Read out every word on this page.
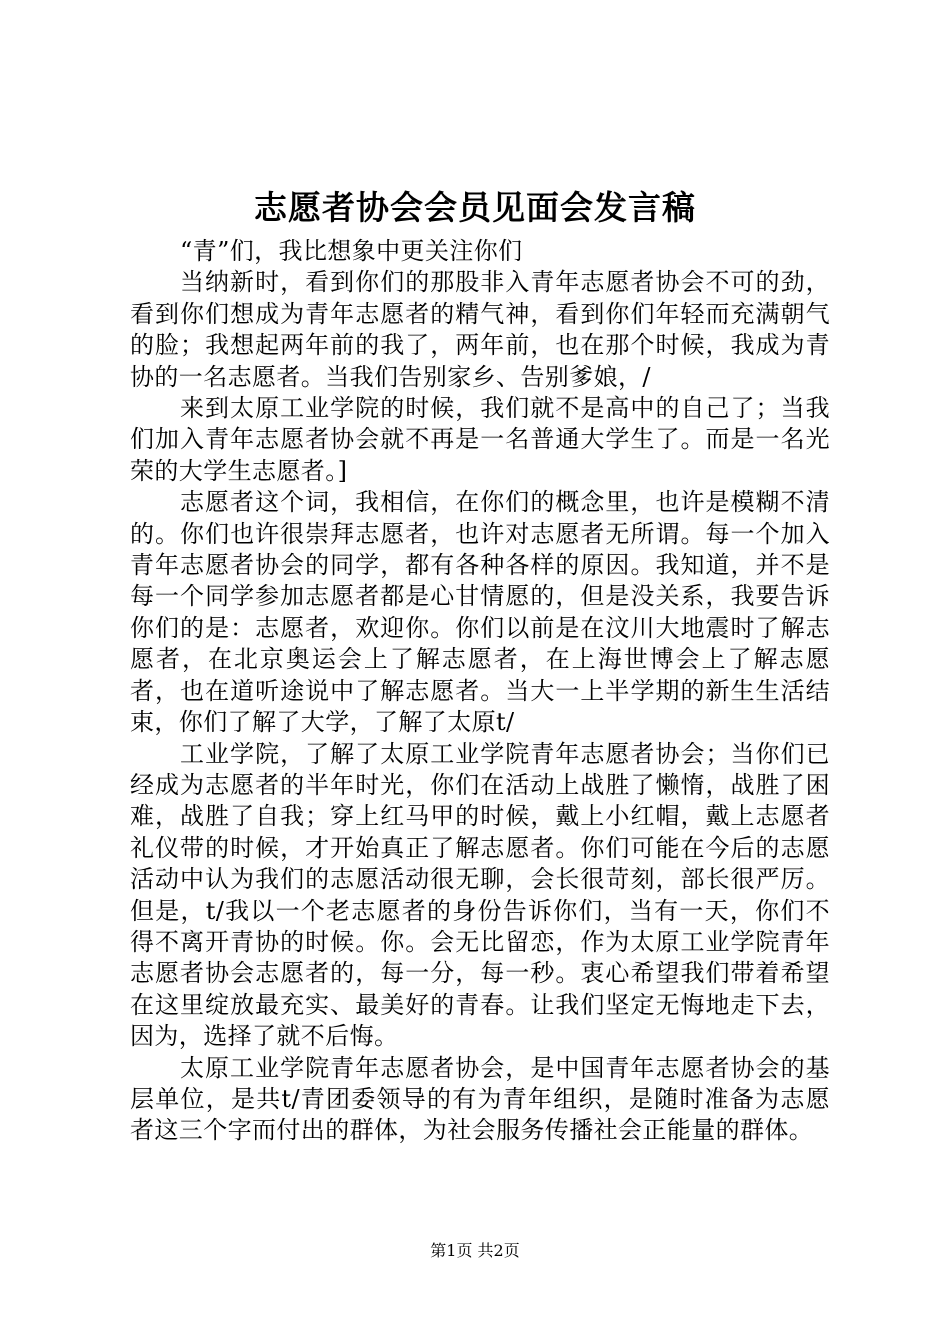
志愿者协会会员见面会发言稿

“青”们，我比想象中更关注你们

当纳新时，看到你们的那股非入青年志愿者协会不可的劲，看到你们想成为青年志愿者的精气神，看到你们年轻而充满朝气的脸；我想起两年前的我了，两年前，也在那个时候，我成为青协的一名志愿者。当我们告别家乡、告别爹娘，/

来到太原工业学院的时候，我们就不是高中的自己了；当我们加入青年志愿者协会就不再是一名普通大学生了。而是一名光荣的大学生志愿者。]

志愿者这个词，我相信，在你们的概念里，也许是模糊不清的。你们也许很崇拜志愿者，也许对志愿者无所谓。每一个加入青年志愿者协会的同学，都有各种各样的原因。我知道，并不是每一个同学参加志愿者都是心甘情愿的，但是没关系，我要告诉你们的是：志愿者，欢迎你。你们以前是在汶川大地震时了解志愿者，在北京奥运会上了解志愿者，在上海世博会上了解志愿者，也在道听途说中了解志愿者。当大一上半学期的新生生活结束，你们了解了大学，了解了太原t/

工业学院，了解了太原工业学院青年志愿者协会；当你们已经成为志愿者的半年时光，你们在活动上战胜了懒惰，战胜了困难，战胜了自我；穿上红马甲的时候，戴上小红帽，戴上志愿者礼仪带的时候，才开始真正了解志愿者。你们可能在今后的志愿活动中认为我们的志愿活动很无聊，会长很苛刻，部长很严厉。但是，t/我以一个老志愿者的身份告诉你们，当有一天，你们不得不离开青协的时候。你。会无比留恋，作为太原工业学院青年志愿者协会志愿者的，每一分，每一秒。衷心希望我们带着希望在这里绽放最充实、最美好的青春。让我们坚定无悔地走下去，因为，选择了就不后悔。

太原工业学院青年志愿者协会，是中国青年志愿者协会的基层单位，是共t/青团委领导的有为青年组织，是随时准备为志愿者这三个字而付出的群体，为社会服务传播社会正能量的群体。

第1页 共2页
